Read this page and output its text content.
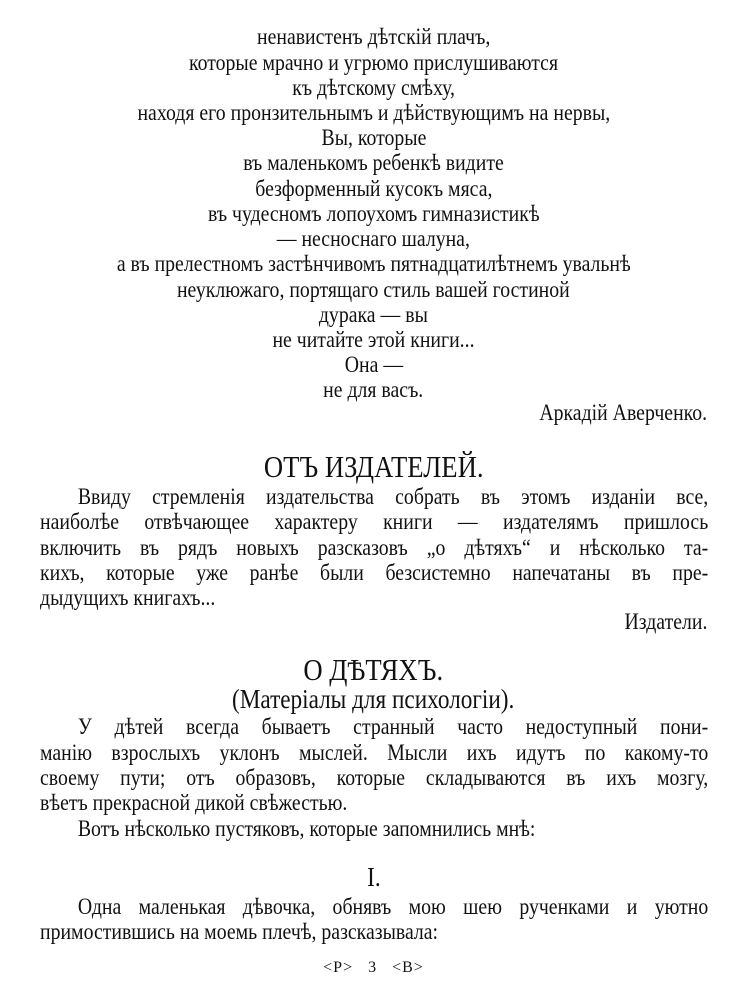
ненавистенъ дѣтскій плачъ,
которые мрачно и угрюмо прислушиваются
къ дѣтскому смѣху,
находя его пронзительнымъ и дѣйствующимъ на нервы,
Вы, которые
въ маленькомъ ребенкѣ видите
безформенный кусокъ мяса,
въ чудесномъ лопоухомъ гимназистикѣ
— несноснаго шалуна,
а въ прелестномъ застѣнчивомъ пятнадцатилѣтнемъ увальнѣ
неуклюжаго, портящаго стиль вашей гостиной
дурака — вы
не читайте этой книги...
Она —
не для васъ.
Аркадій Аверченко.
ОТЪ ИЗДАТЕЛЕЙ.
Ввиду стремленія издательства собрать въ этомъ изданіи все,
наиболѣе отвѣчающее характеру книги — издателямъ пришлось
включить въ рядъ новыхъ разсказовъ „о дѣтяхъ“ и нѣсколько та-
кихъ, которые уже ранѣе были безсистемно напечатаны въ пре-
дыдущихъ книгахъ...
Издатели.
О ДѢТЯХЪ.
(Матеріалы для психологіи).
У дѣтей всегда бываетъ странный часто недоступный пони-
манію взрослыхъ уклонъ мыслей. Мысли ихъ идутъ по какому-то
своему пути; отъ образовъ, которые складываются въ ихъ мозгу,
вѣетъ прекрасной дикой свѣжестью.
Вотъ нѣсколько пустяковъ, которые запомнились мнѣ:
I.
Одна маленькая дѣвочка, обнявъ мою шею рученками и уютно
примостившись на моемь плечѣ, разсказывала:
<Р> 3 <В>
